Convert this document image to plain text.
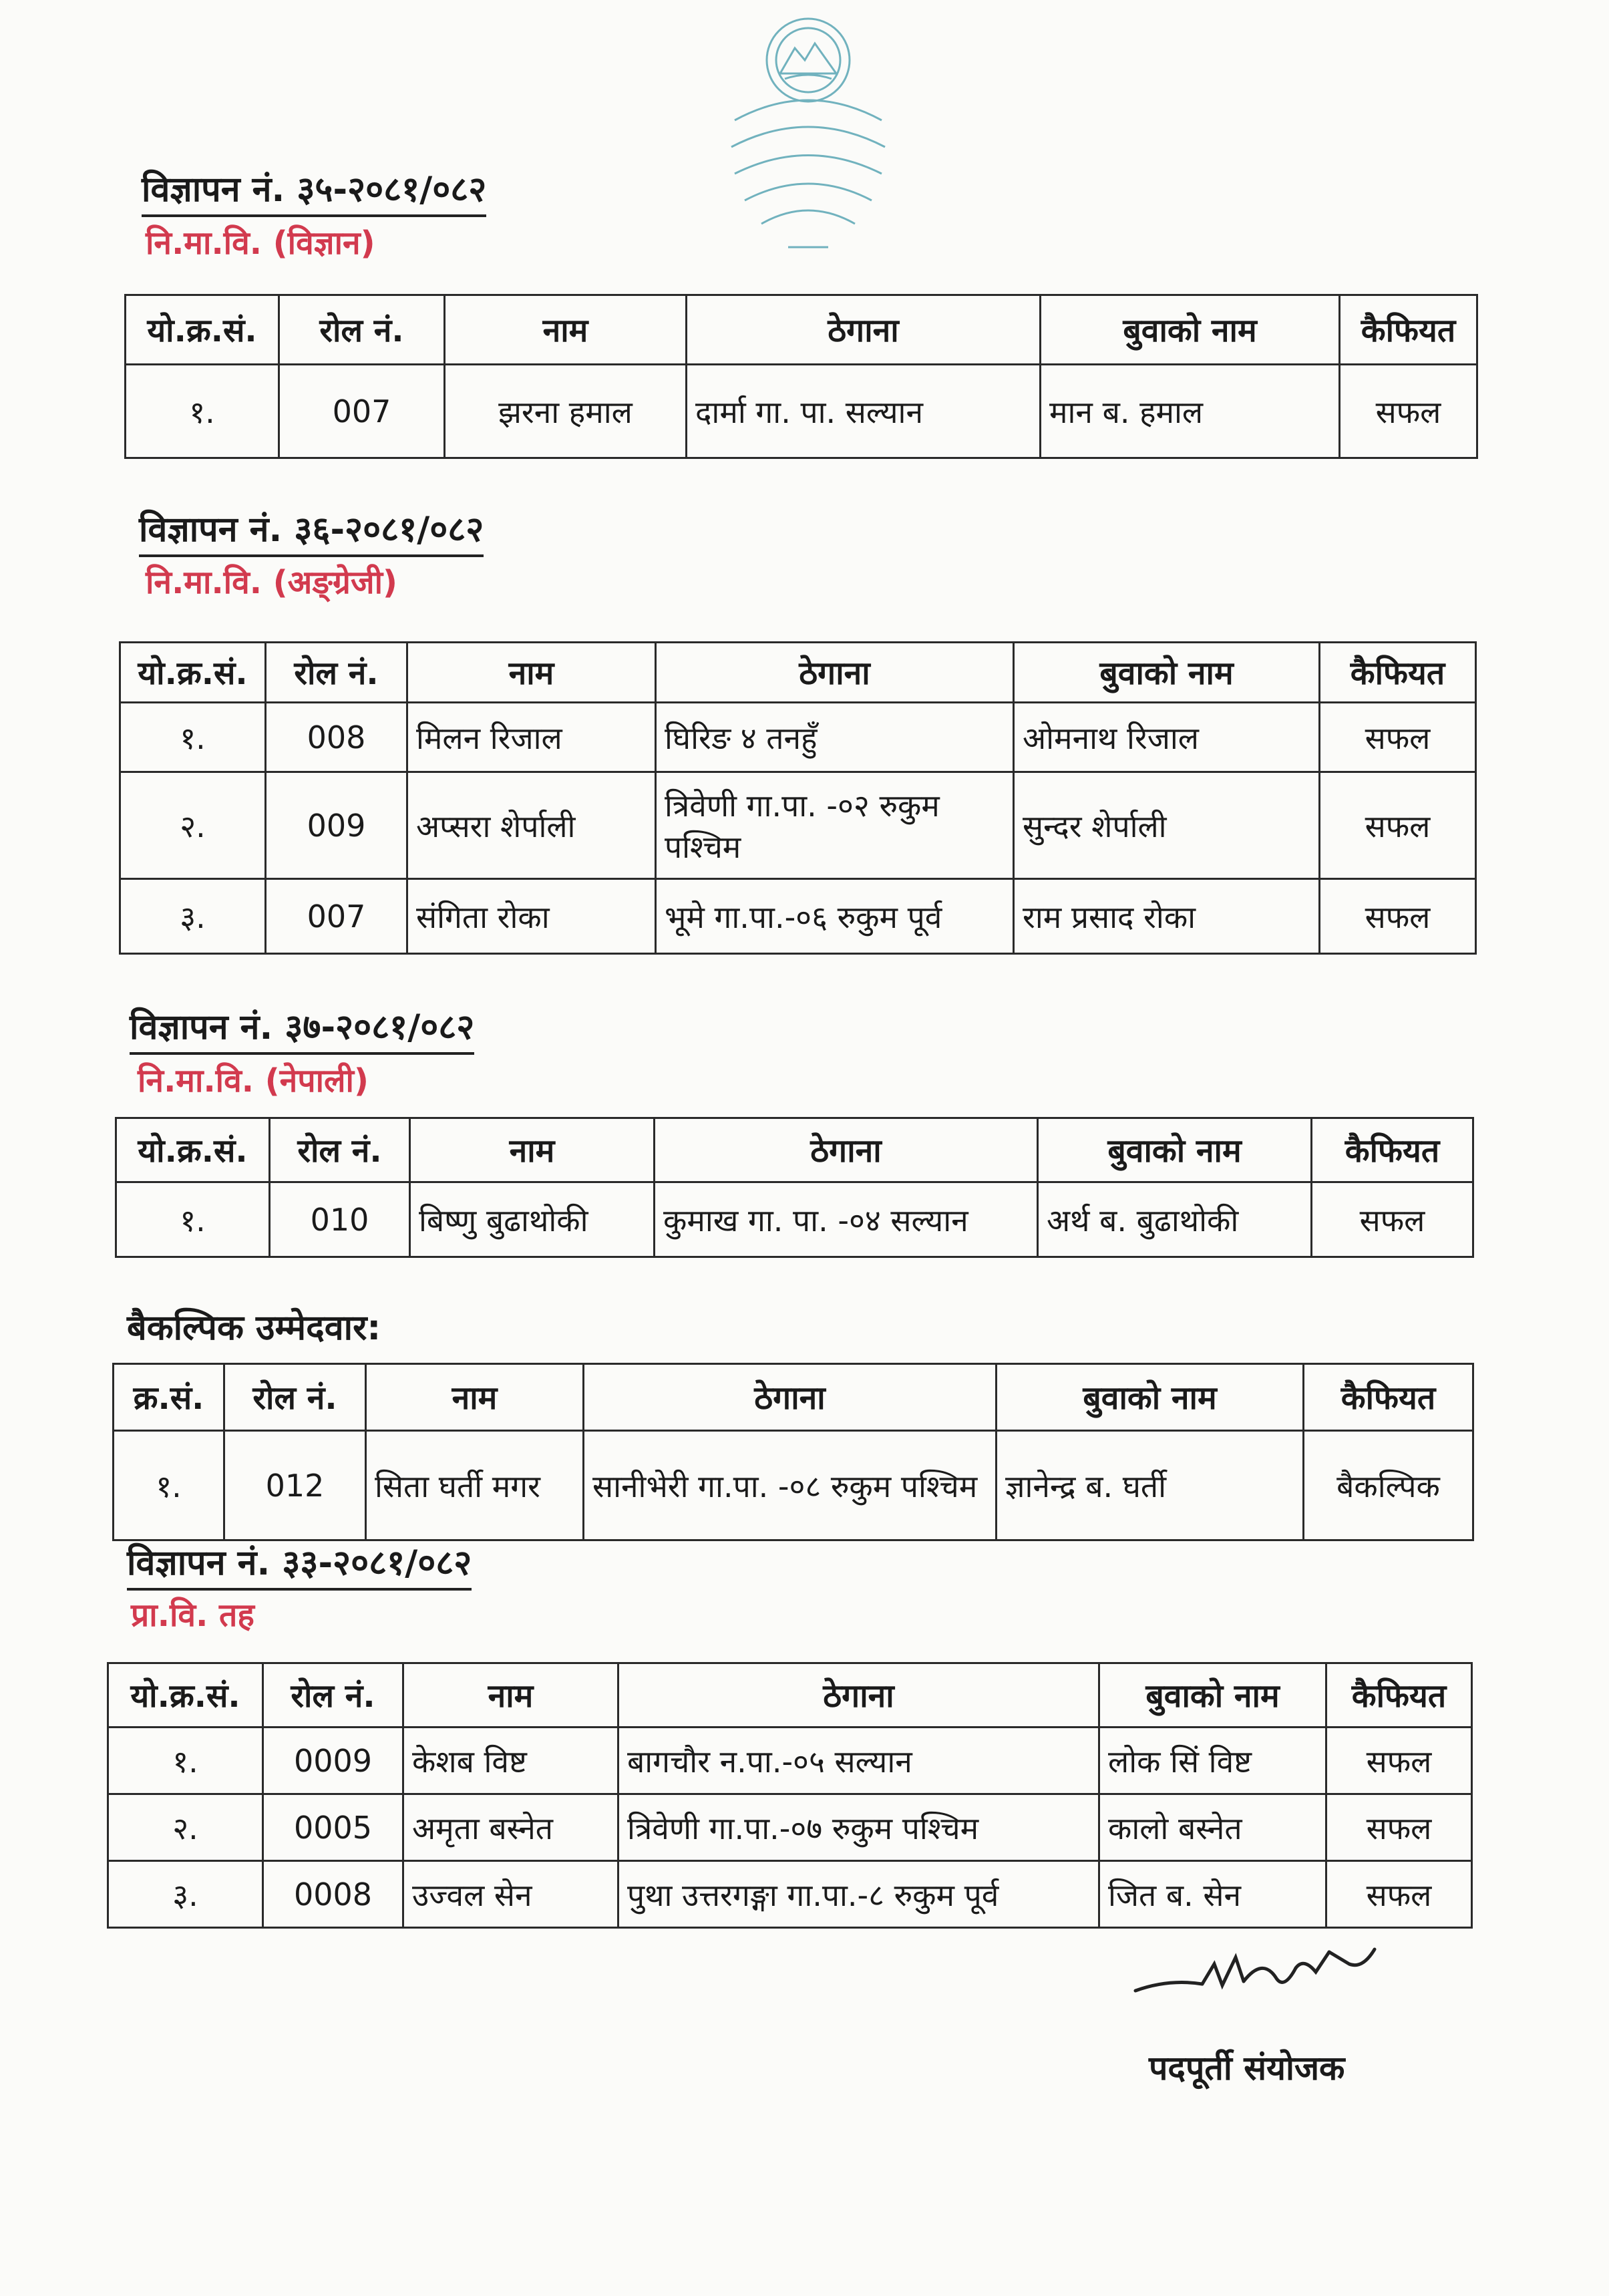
विज्ञापन नं. ३५-२०८१/०८२
नि.मा.वि. (विज्ञान)
यो.क्र.सं.	रोल नं.	नाम	ठेगाना	बुवाको नाम	कैफियत
१.	007	झरना हमाल	दार्मा गा. पा. सल्यान	मान ब. हमाल	सफल
विज्ञापन नं. ३६-२०८१/०८२
नि.मा.वि. (अङ्ग्रेजी)
यो.क्र.सं.	रोल नं.	नाम	ठेगाना	बुवाको नाम	कैफियत
१.	008	मिलन रिजाल	घिरिङ ४ तनहुँ	ओमनाथ रिजाल	सफल
२.	009	अप्सरा शेर्पाली	त्रिवेणी गा.पा. -०२ रुकुम पश्चिम	सुन्दर शेर्पाली	सफल
३.	007	संगिता रोका	भूमे गा.पा.-०६ रुकुम पूर्व	राम प्रसाद रोका	सफल
विज्ञापन नं. ३७-२०८१/०८२
नि.मा.वि. (नेपाली)
यो.क्र.सं.	रोल नं.	नाम	ठेगाना	बुवाको नाम	कैफियत
१.	010	बिष्णु बुढाथोकी	कुमाख गा. पा. -०४ सल्यान	अर्थ ब. बुढाथोकी	सफल
बैकल्पिक उम्मेदवार:
क्र.सं.	रोल नं.	नाम	ठेगाना	बुवाको नाम	कैफियत
१.	012	सिता घर्ती मगर	सानीभेरी गा.पा. -०८ रुकुम पश्चिम	ज्ञानेन्द्र ब. घर्ती	बैकल्पिक
विज्ञापन नं. ३३-२०८१/०८२
प्रा.वि. तह
यो.क्र.सं.	रोल नं.	नाम	ठेगाना	बुवाको नाम	कैफियत
१.	0009	केशब विष्ट	बागचौर न.पा.-०५ सल्यान	लोक सिं विष्ट	सफल
२.	0005	अमृता बस्नेत	त्रिवेणी गा.पा.-०७ रुकुम पश्चिम	कालो बस्नेत	सफल
३.	0008	उज्वल सेन	पुथा उत्तरगङ्गा गा.पा.-८ रुकुम पूर्व	जित ब. सेन	सफल
पदपूर्ती संयोजक
